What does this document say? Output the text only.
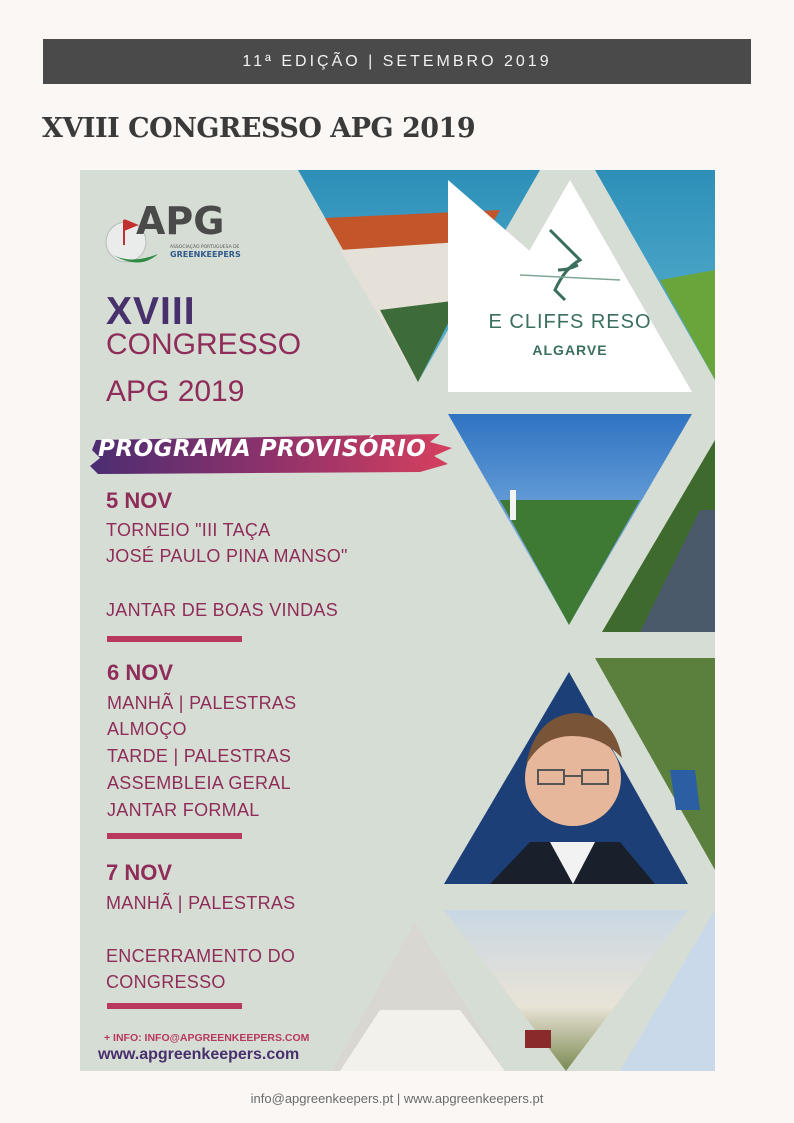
11ª EDIÇÃO | SETEMBRO 2019
XVIII CONGRESSO APG 2019
E CLIFFS RESO
ALGARVE
APG
ASSOCIAÇÃO PORTUGUESA DE
GREENKEEPERS
XVIII
CONGRESSO
APG 2019
PROGRAMA PROVISÓRIO
5 NOV
TORNEIO "III TAÇA
JOSÉ PAULO PINA MANSO"
JANTAR DE BOAS VINDAS
6 NOV
MANHÃ | PALESTRAS
ALMOÇO
TARDE | PALESTRAS
ASSEMBLEIA GERAL
JANTAR FORMAL
7 NOV
MANHÃ | PALESTRAS
ENCERRAMENTO DO
CONGRESSO
+ INFO: INFO@APGREENKEEPERS.COM
www.apgreenkeepers.com
info@apgreenkeepers.pt | www.apgreenkeepers.pt
